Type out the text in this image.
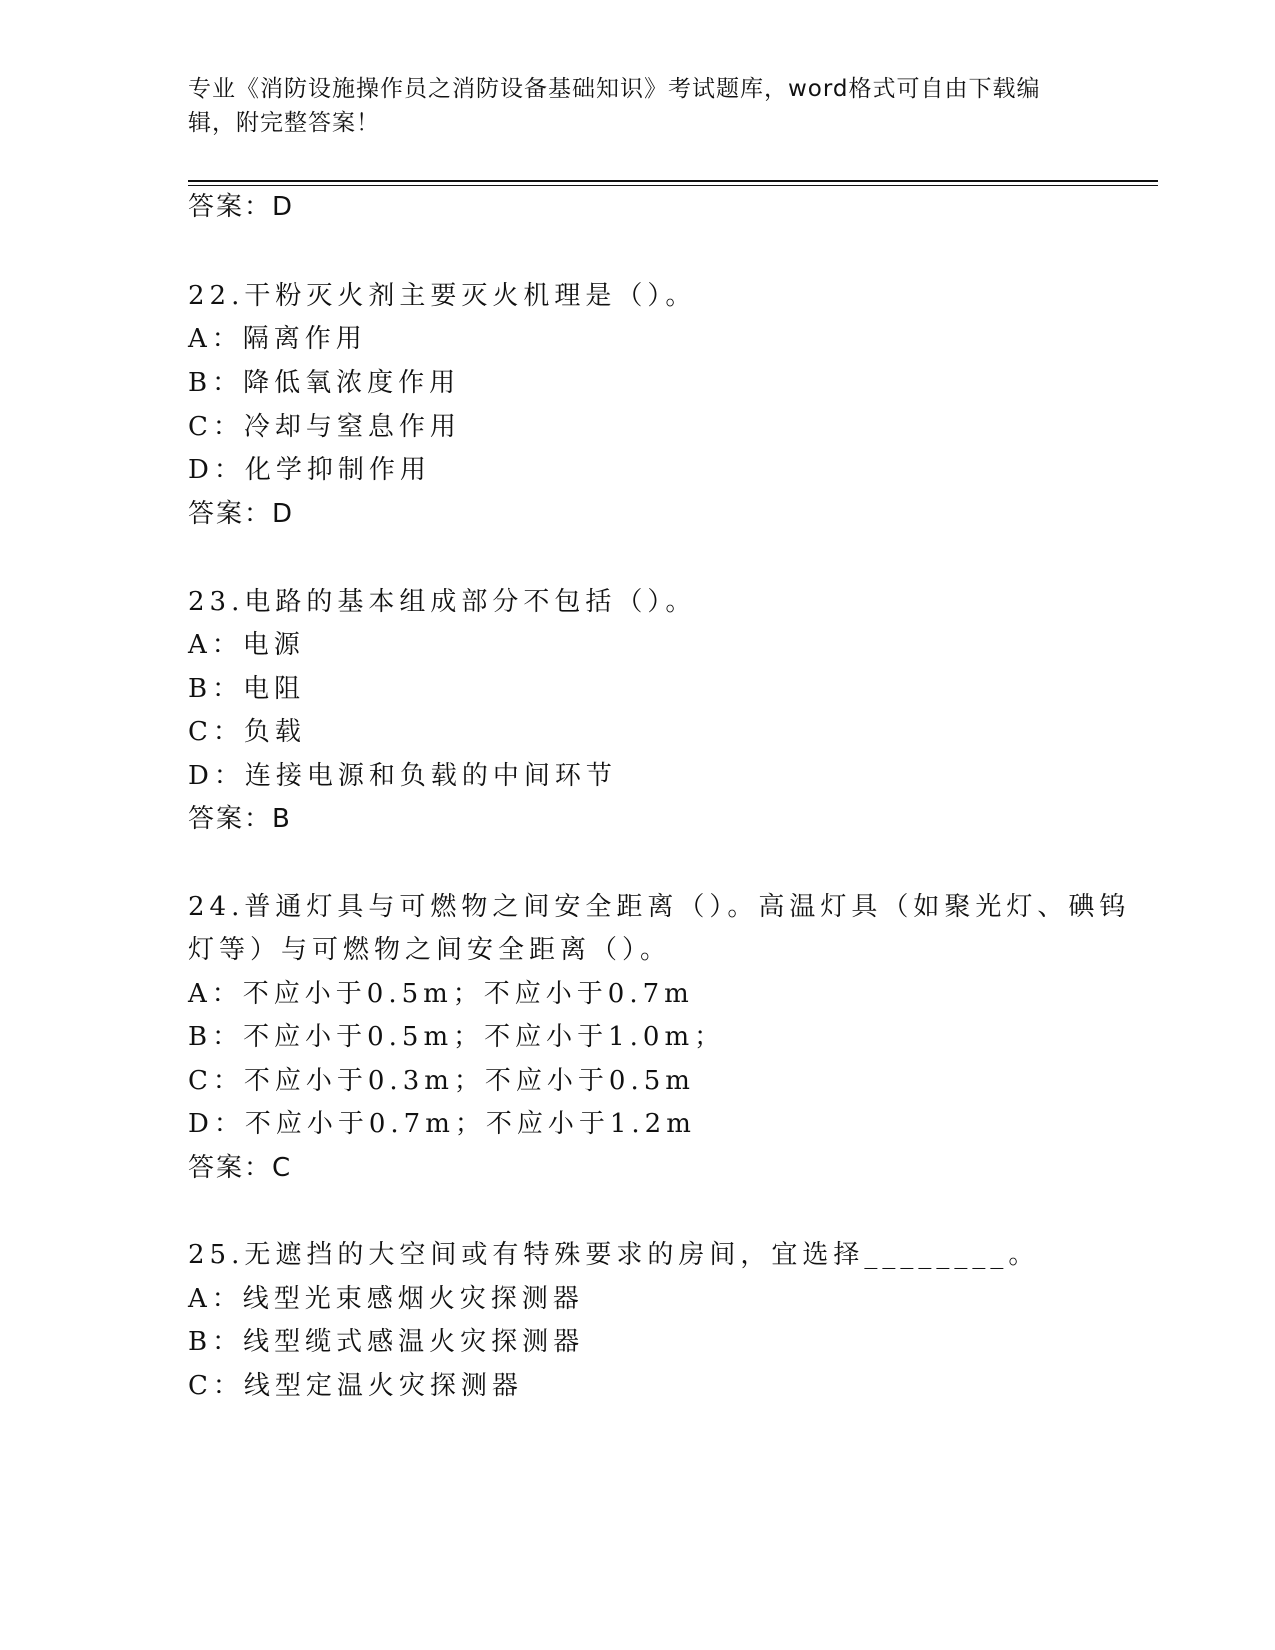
专业《消防设施操作员之消防设备基础知识》考试题库，word格式可自由下载编
辑，附完整答案！
答案：D
22.干粉灭火剂主要灭火机理是（）。
A：隔离作用
B：降低氧浓度作用
C：冷却与窒息作用
D：化学抑制作用
答案：D
23.电路的基本组成部分不包括（）。
A：电源
B：电阻
C：负载
D：连接电源和负载的中间环节
答案：B
24.普通灯具与可燃物之间安全距离（）。高温灯具（如聚光灯、碘钨
灯等）与可燃物之间安全距离（）。
A：不应小于0.5m；不应小于0.7m
B：不应小于0.5m；不应小于1.0m；
C：不应小于0.3m；不应小于0.5m
D：不应小于0.7m；不应小于1.2m
答案：C
25.无遮挡的大空间或有特殊要求的房间，宜选择________。
A：线型光束感烟火灾探测器
B：线型缆式感温火灾探测器
C：线型定温火灾探测器
